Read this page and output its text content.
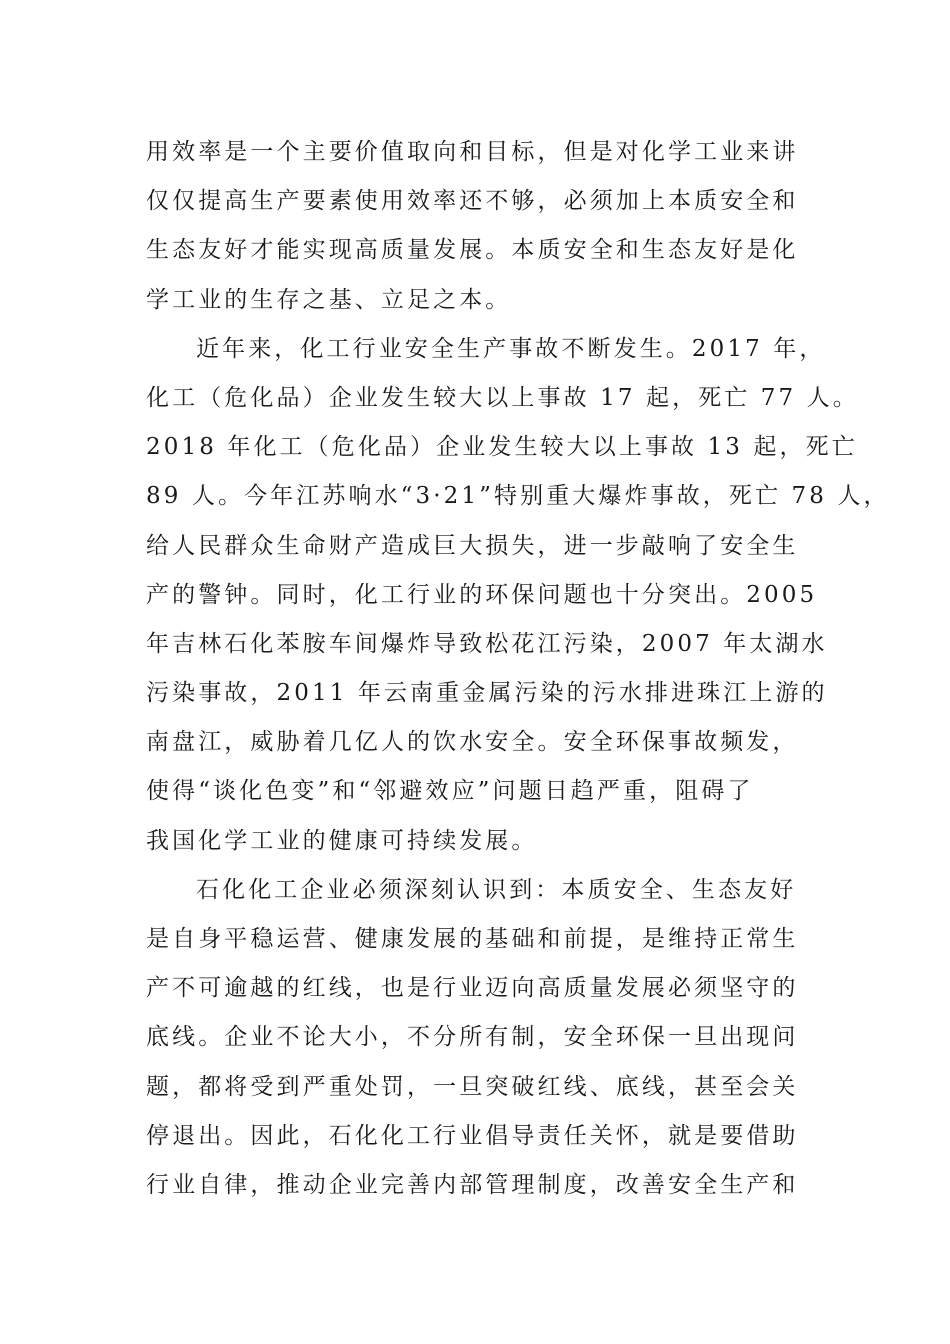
用效率是一个主要价值取向和目标，但是对化学工业来讲
仅仅提高生产要素使用效率还不够，必须加上本质安全和
生态友好才能实现高质量发展。本质安全和生态友好是化
学工业的生存之基、立足之本。
近年来，化工行业安全生产事故不断发生。2017 年，
化工（危化品）企业发生较大以上事故 17 起，死亡 77 人。
2018 年化工（危化品）企业发生较大以上事故 13 起，死亡
89 人。今年江苏响水“3·21”特别重大爆炸事故，死亡 78 人，
给人民群众生命财产造成巨大损失，进一步敲响了安全生
产的警钟。同时，化工行业的环保问题也十分突出。2005
年吉林石化苯胺车间爆炸导致松花江污染，2007 年太湖水
污染事故，2011 年云南重金属污染的污水排进珠江上游的
南盘江，威胁着几亿人的饮水安全。安全环保事故频发，
使得“谈化色变”和“邻避效应”问题日趋严重，阻碍了
我国化学工业的健康可持续发展。
石化化工企业必须深刻认识到：本质安全、生态友好
是自身平稳运营、健康发展的基础和前提，是维持正常生
产不可逾越的红线，也是行业迈向高质量发展必须坚守的
底线。企业不论大小，不分所有制，安全环保一旦出现问
题，都将受到严重处罚，一旦突破红线、底线，甚至会关
停退出。因此，石化化工行业倡导责任关怀，就是要借助
行业自律，推动企业完善内部管理制度，改善安全生产和
